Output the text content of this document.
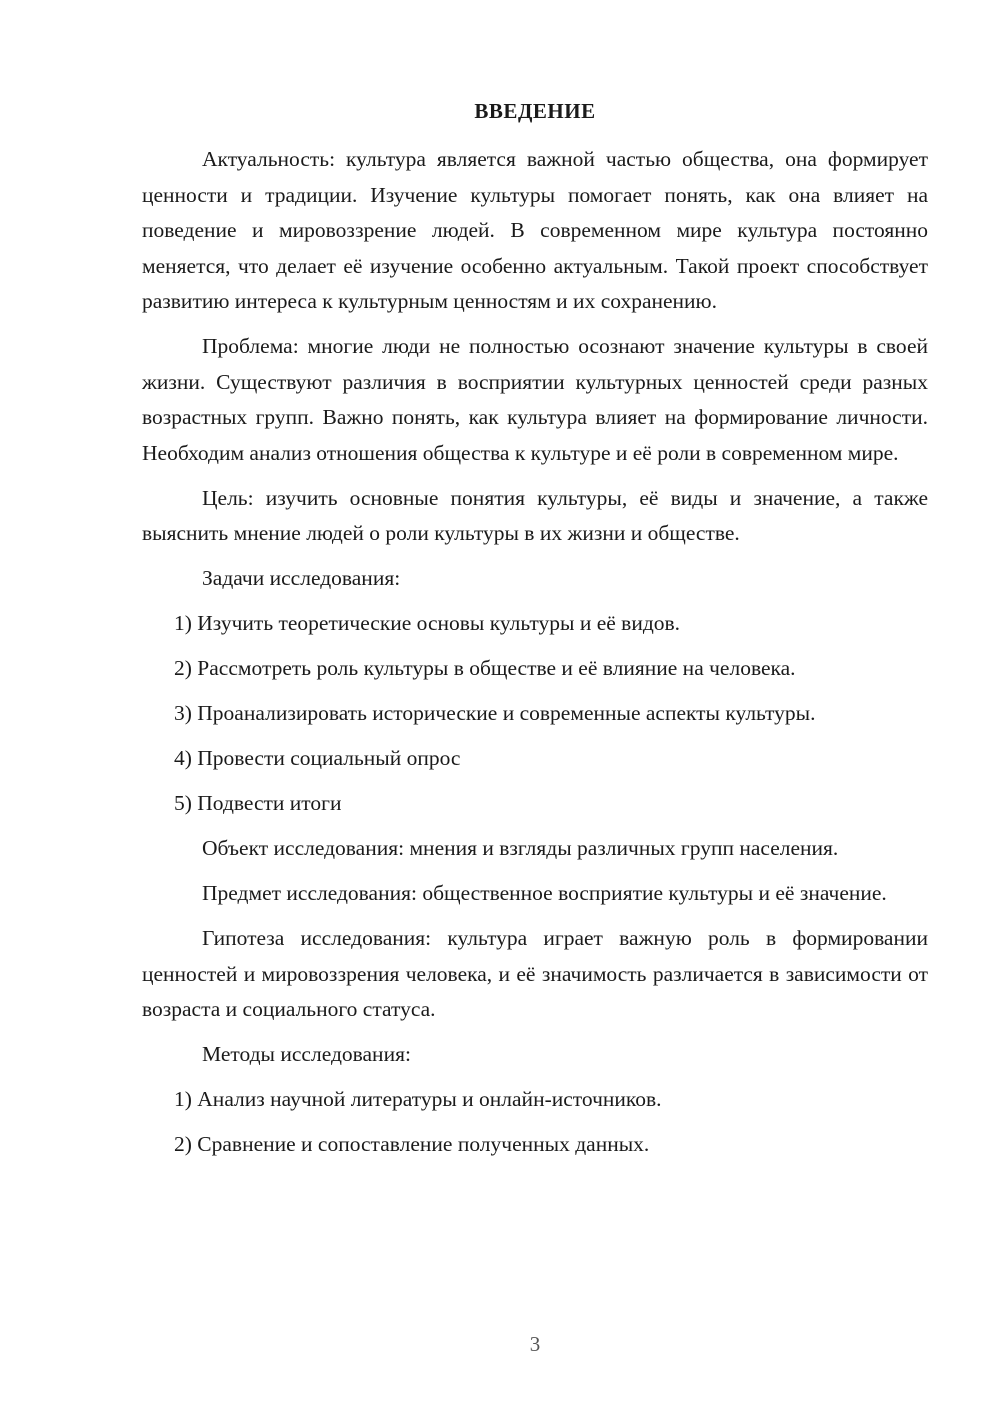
ВВЕДЕНИЕ

Актуальность: культура является важной частью общества, она формирует ценности и традиции. Изучение культуры помогает понять, как она влияет на поведение и мировоззрение людей. В современном мире культура постоянно меняется, что делает её изучение особенно актуальным. Такой проект способствует развитию интереса к культурным ценностям и их сохранению.

Проблема: многие люди не полностью осознают значение культуры в своей жизни. Существуют различия в восприятии культурных ценностей среди разных возрастных групп. Важно понять, как культура влияет на формирование личности. Необходим анализ отношения общества к культуре и её роли в современном мире.

Цель: изучить основные понятия культуры, её виды и значение, а также выяснить мнение людей о роли культуры в их жизни и обществе.

Задачи исследования:

1) Изучить теоретические основы культуры и её видов.
2) Рассмотреть роль культуры в обществе и её влияние на человека.
3) Проанализировать исторические и современные аспекты культуры.
4) Провести социальный опрос
5) Подвести итоги

Объект исследования: мнения и взгляды различных групп населения.

Предмет исследования: общественное восприятие культуры и её значение.

Гипотеза исследования: культура играет важную роль в формировании ценностей и мировоззрения человека, и её значимость различается в зависимости от возраста и социального статуса.

Методы исследования:

1) Анализ научной литературы и онлайн-источников.
2) Сравнение и сопоставление полученных данных.
3
